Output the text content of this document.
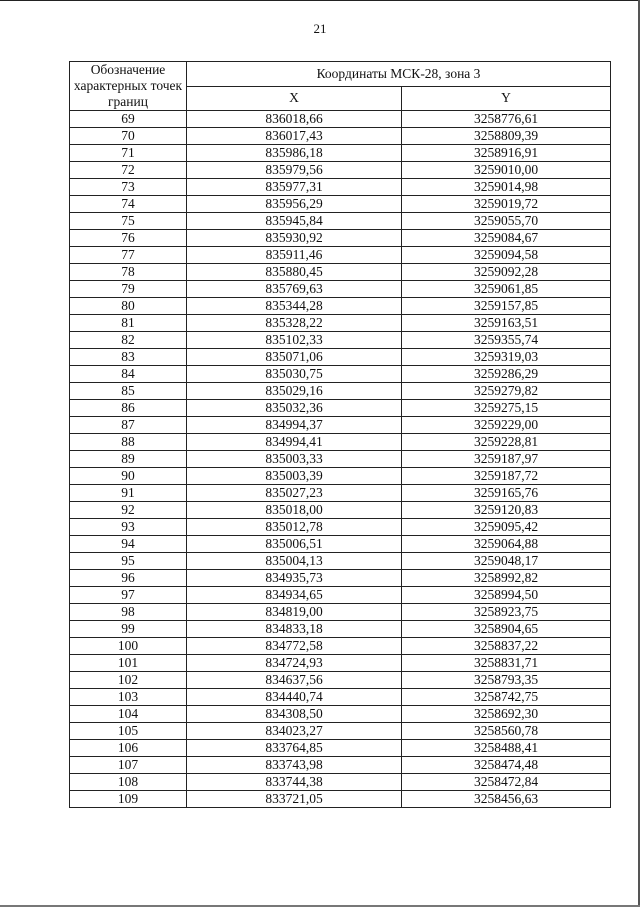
21
Обозначение характерных точек границ	Координаты МСК-28, зона 3	
	X	Y
69	836018,66	3258776,61
70	836017,43	3258809,39
71	835986,18	3258916,91
72	835979,56	3259010,00
73	835977,31	3259014,98
74	835956,29	3259019,72
75	835945,84	3259055,70
76	835930,92	3259084,67
77	835911,46	3259094,58
78	835880,45	3259092,28
79	835769,63	3259061,85
80	835344,28	3259157,85
81	835328,22	3259163,51
82	835102,33	3259355,74
83	835071,06	3259319,03
84	835030,75	3259286,29
85	835029,16	3259279,82
86	835032,36	3259275,15
87	834994,37	3259229,00
88	834994,41	3259228,81
89	835003,33	3259187,97
90	835003,39	3259187,72
91	835027,23	3259165,76
92	835018,00	3259120,83
93	835012,78	3259095,42
94	835006,51	3259064,88
95	835004,13	3259048,17
96	834935,73	3258992,82
97	834934,65	3258994,50
98	834819,00	3258923,75
99	834833,18	3258904,65
100	834772,58	3258837,22
101	834724,93	3258831,71
102	834637,56	3258793,35
103	834440,74	3258742,75
104	834308,50	3258692,30
105	834023,27	3258560,78
106	833764,85	3258488,41
107	833743,98	3258474,48
108	833744,38	3258472,84
109	833721,05	3258456,63
